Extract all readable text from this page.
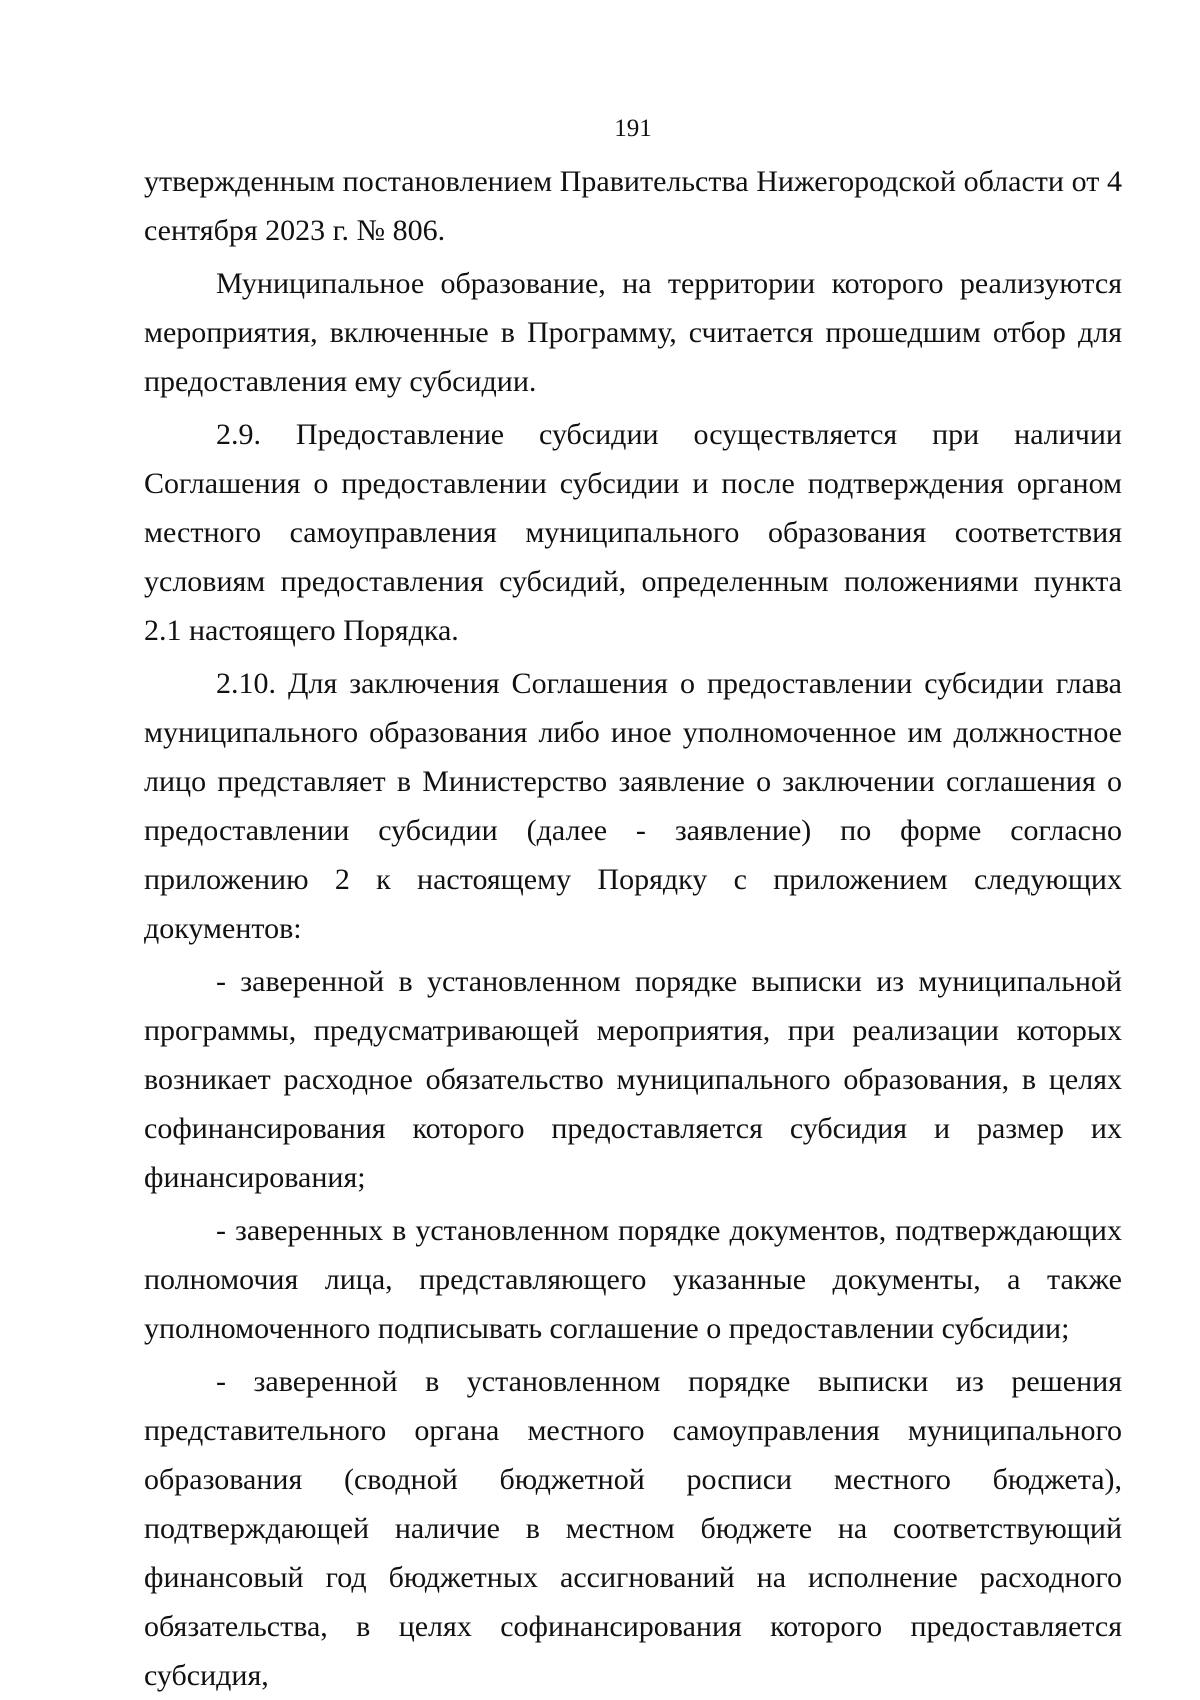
191

утвержденным постановлением Правительства Нижегородской области от 4 сентября 2023 г. № 806.

Муниципальное образование, на территории которого реализуются мероприятия, включенные в Программу, считается прошедшим отбор для предоставления ему субсидии.

2.9. Предоставление субсидии осуществляется при наличии Соглашения о предоставлении субсидии и после подтверждения органом местного самоуправления муниципального образования соответствия условиям предоставления субсидий, определенным положениями пункта 2.1 настоящего Порядка.

2.10. Для заключения Соглашения о предоставлении субсидии глава муниципального образования либо иное уполномоченное им должностное лицо представляет в Министерство заявление о заключении соглашения о предоставлении субсидии (далее - заявление) по форме согласно приложению 2 к настоящему Порядку с приложением следующих документов:

- заверенной в установленном порядке выписки из муниципальной программы, предусматривающей мероприятия, при реализации которых возникает расходное обязательство муниципального образования, в целях софинансирования которого предоставляется субсидия и размер их финансирования;

- заверенных в установленном порядке документов, подтверждающих полномочия лица, представляющего указанные документы, а также уполномоченного подписывать соглашение о предоставлении субсидии;

- заверенной в установленном порядке выписки из решения представительного органа местного самоуправления муниципального образования (сводной бюджетной росписи местного бюджета), подтверждающей наличие в местном бюджете на соответствующий финансовый год бюджетных ассигнований на исполнение расходного обязательства, в целях софинансирования которого предоставляется субсидия,
